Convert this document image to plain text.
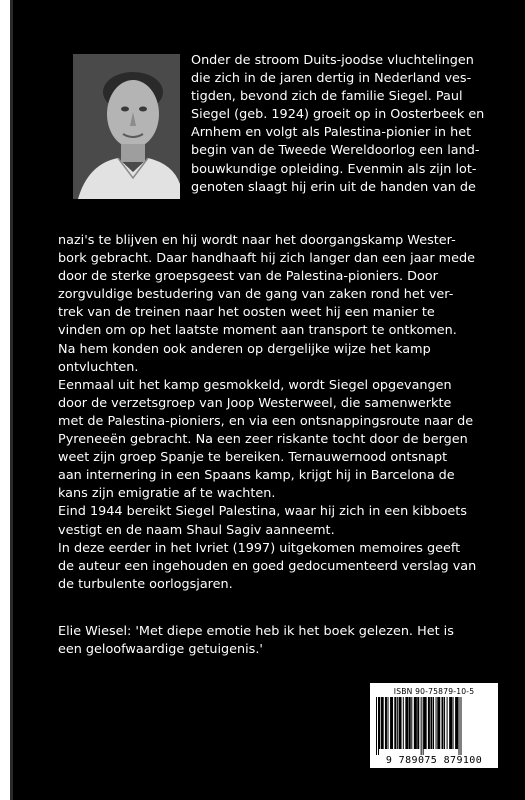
Onder de stroom Duits-joodse vluchtelingen
die zich in de jaren dertig in Nederland ves-
tigden, bevond zich de familie Siegel. Paul
Siegel (geb. 1924) groeit op in Oosterbeek en
Arnhem en volgt als Palestina-pionier in het
begin van de Tweede Wereldoorlog een land-
bouwkundige opleiding. Evenmin als zijn lot-
genoten slaagt hij erin uit de handen van de
nazi's te blijven en hij wordt naar het doorgangskamp Wester-
bork gebracht. Daar handhaaft hij zich langer dan een jaar mede
door de sterke groepsgeest van de Palestina-pioniers. Door
zorgvuldige bestudering van de gang van zaken rond het ver-
trek van de treinen naar het oosten weet hij een manier te
vinden om op het laatste moment aan transport te ontkomen.
Na hem konden ook anderen op dergelijke wijze het kamp
ontvluchten.
Eenmaal uit het kamp gesmokkeld, wordt Siegel opgevangen
door de verzetsgroep van Joop Westerweel, die samenwerkte
met de Palestina-pioniers, en via een ontsnappingsroute naar de
Pyreneeën gebracht. Na een zeer riskante tocht door de bergen
weet zijn groep Spanje te bereiken. Ternauwernood ontsnapt
aan internering in een Spaans kamp, krijgt hij in Barcelona de
kans zijn emigratie af te wachten.
Eind 1944 bereikt Siegel Palestina, waar hij zich in een kibboets
vestigt en de naam Shaul Sagiv aanneemt.
In deze eerder in het Ivriet (1997) uitgekomen memoires geeft
de auteur een ingehouden en goed gedocumenteerd verslag van
de turbulente oorlogsjaren.
Elie Wiesel: 'Met diepe emotie heb ik het boek gelezen. Het is
een geloofwaardige getuigenis.'
ISBN 90-75879-10-5
9 789075 879100
